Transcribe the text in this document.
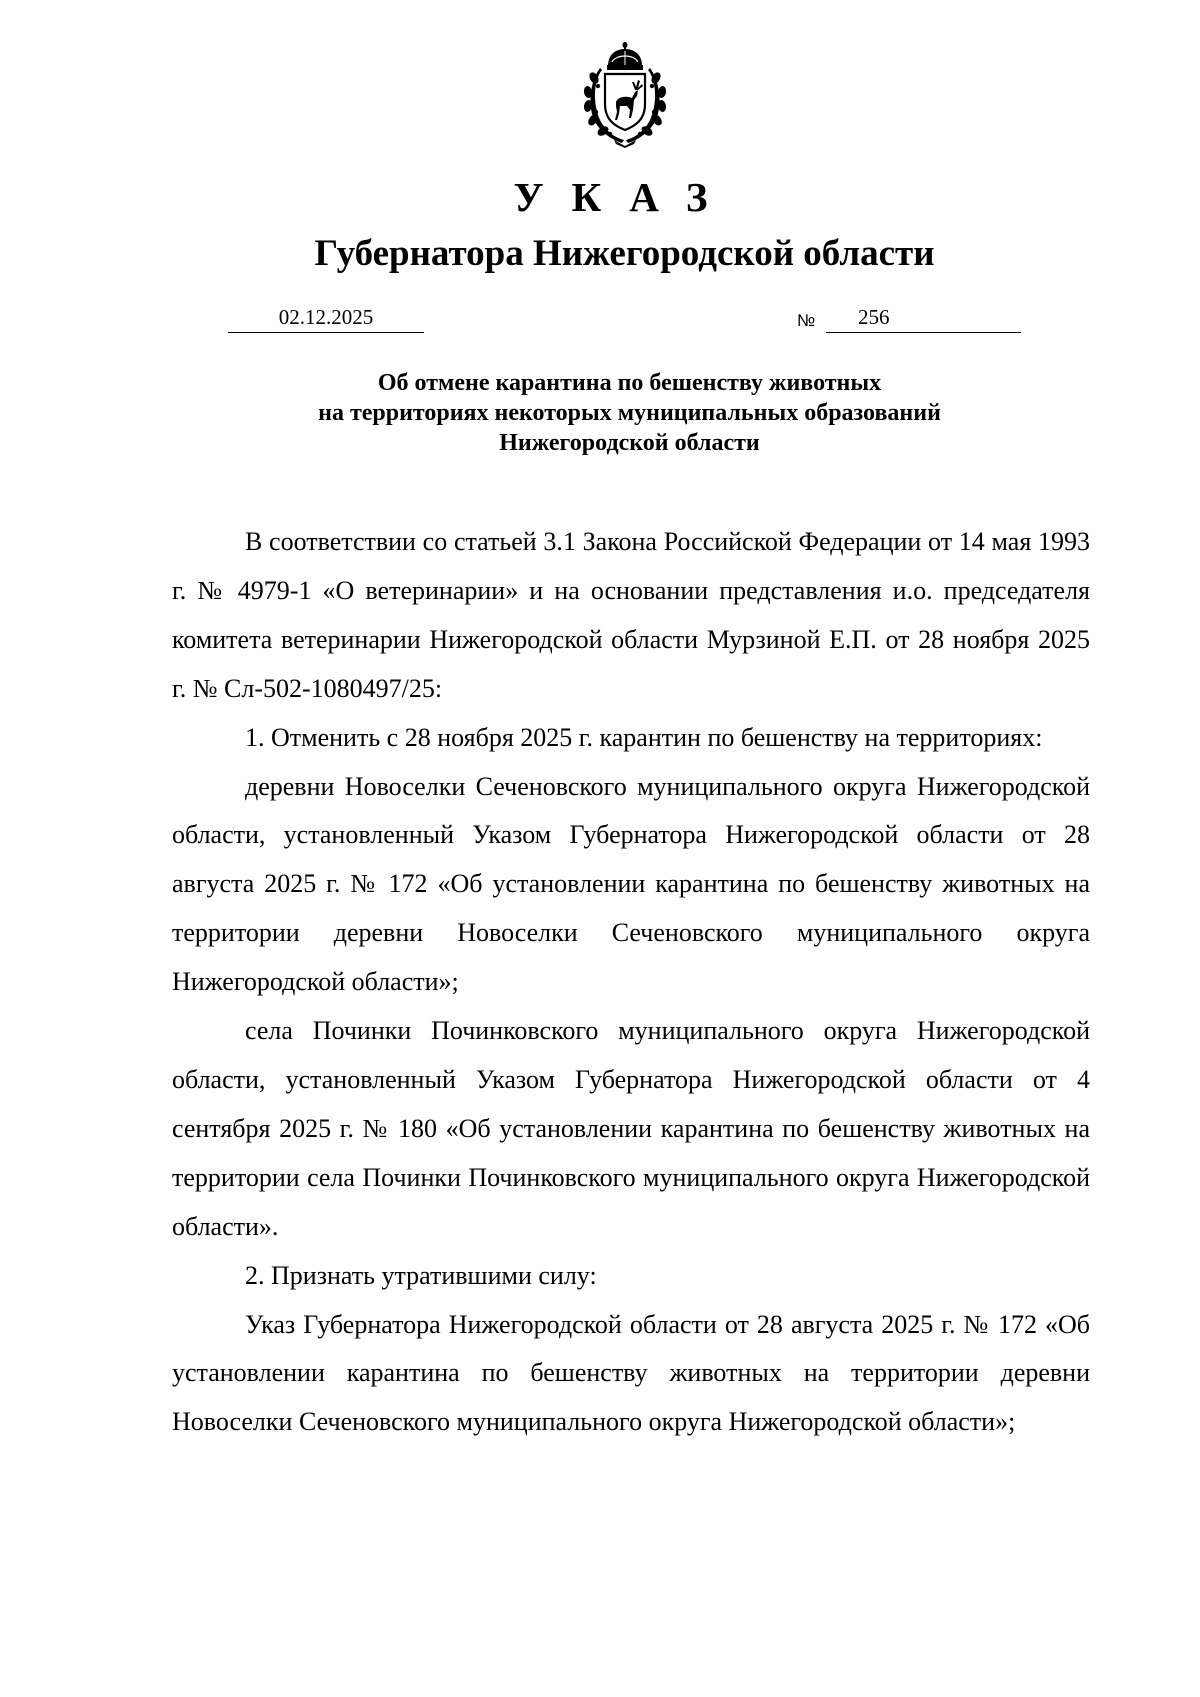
УКАЗ
Губернатора Нижегородской области
02.12.2025	№ 256
Об отмене карантина по бешенству животных
на территориях некоторых муниципальных образований
Нижегородской области

В соответствии со статьей 3.1 Закона Российской Федерации от 14 мая 1993 г. № 4979-1 «О ветеринарии» и на основании представления и.о. председателя комитета ветеринарии Нижегородской области Мурзиной Е.П. от 28 ноября 2025 г. № Сл-502-1080497/25:

1. Отменить с 28 ноября 2025 г. карантин по бешенству на территориях:

деревни Новоселки Сеченовского муниципального округа Нижегородской области, установленный Указом Губернатора Нижегородской области от 28 августа 2025 г. № 172 «Об установлении карантина по бешенству животных на территории деревни Новоселки Сеченовского муниципального округа Нижегородской области»;

села Починки Починковского муниципального округа Нижегородской области, установленный Указом Губернатора Нижегородской области от 4 сентября 2025 г. № 180 «Об установлении карантина по бешенству животных на территории села Починки Починковского муниципального округа Нижегородской области».

2. Признать утратившими силу:

Указ Губернатора Нижегородской области от 28 августа 2025 г. № 172 «Об установлении карантина по бешенству животных на территории деревни Новоселки Сеченовского муниципального округа Нижегородской области»;
